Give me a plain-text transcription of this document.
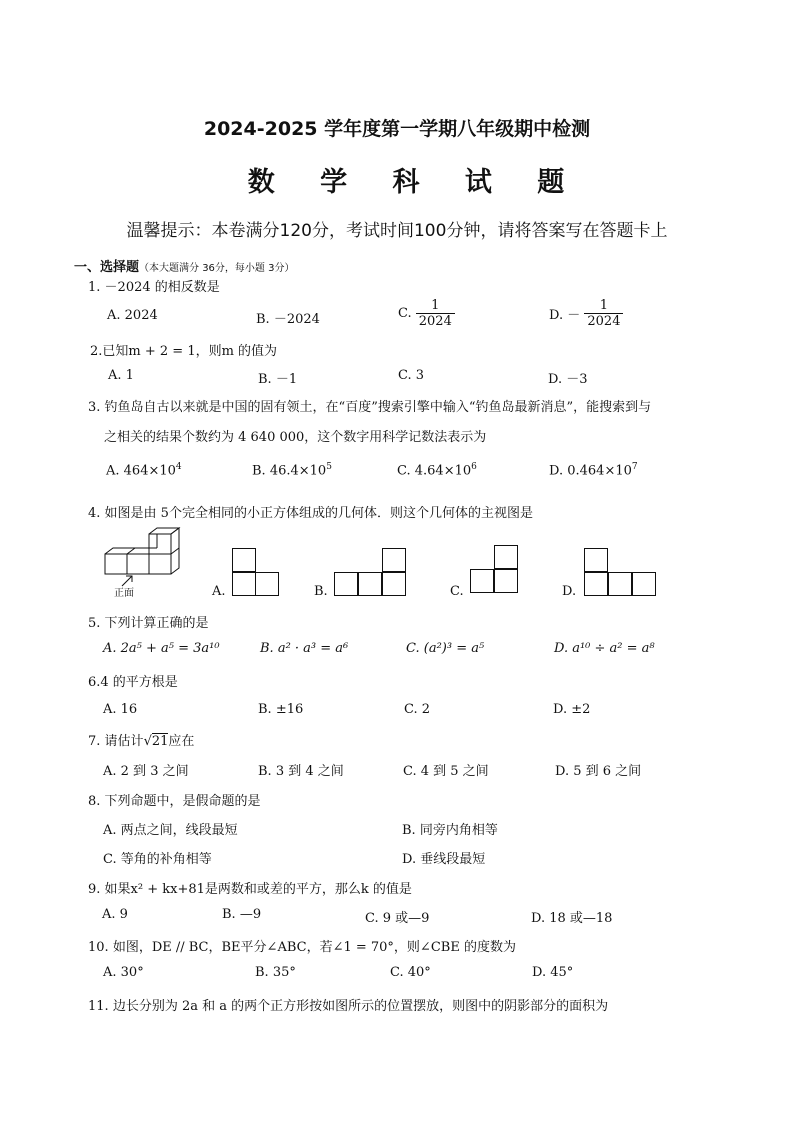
2024-2025 学年度第一学期八年级期中检测
数 学 科 试 题
温馨提示：本卷满分120分，考试时间100分钟，请将答案写在答题卡上
一、选择题（本大题满分 36分，每小题 3分）
1. －2024 的相反数是
A. 2024	B. －2024	C. $\frac{1}{2024}$	D. － $\frac{1}{2024}$
2.已知m + 2 = 1，则m 的值为
A. 1	B. －1	C. 3	D. －3
3. 钓鱼岛自古以来就是中国的固有领土，在“百度”搜索引擎中输入“钓鱼岛最新消息”，能搜索到与
之相关的结果个数约为 4 640 000，这个数字用科学记数法表示为
A. $464\times 10^4$	B. $46.4\times 10^5$	C. $4.64\times 10^6$	D. $0.464\times 10^7$
4. 如图是由 5个完全相同的小正方体组成的几何体．则这个几何体的主视图是
正面	A.	B.	C.	D.
5. 下列计算正确的是
A. 2a⁵ + a⁵ = 3a¹⁰	B. a² · a³ = a⁶	C. (a²)³ = a⁵	D. a¹⁰ ÷ a² = a⁸
6.4 的平方根是
A. 16	B. ±16	C. 2	D. ±2
7. 请估计√21应在
A. 2 到 3 之间	B. 3 到 4 之间	C. 4 到 5 之间	D. 5 到 6 之间
8. 下列命题中，是假命题的是
A. 两点之间，线段最短	B. 同旁内角相等
C. 等角的补角相等	D. 垂线段最短
9. 如果x² + kx+81是两数和或差的平方，那么k 的值是
A. 9	B. —9	C. 9 或—9	D. 18 或—18
10. 如图，DE // BC，BE平分∠ABC，若∠1 = 70°，则∠CBE 的度数为
A. 30°	B. 35°	C. 40°	D. 45°
11. 边长分别为 2a 和 a 的两个正方形按如图所示的位置摆放，则图中的阴影部分的面积为
